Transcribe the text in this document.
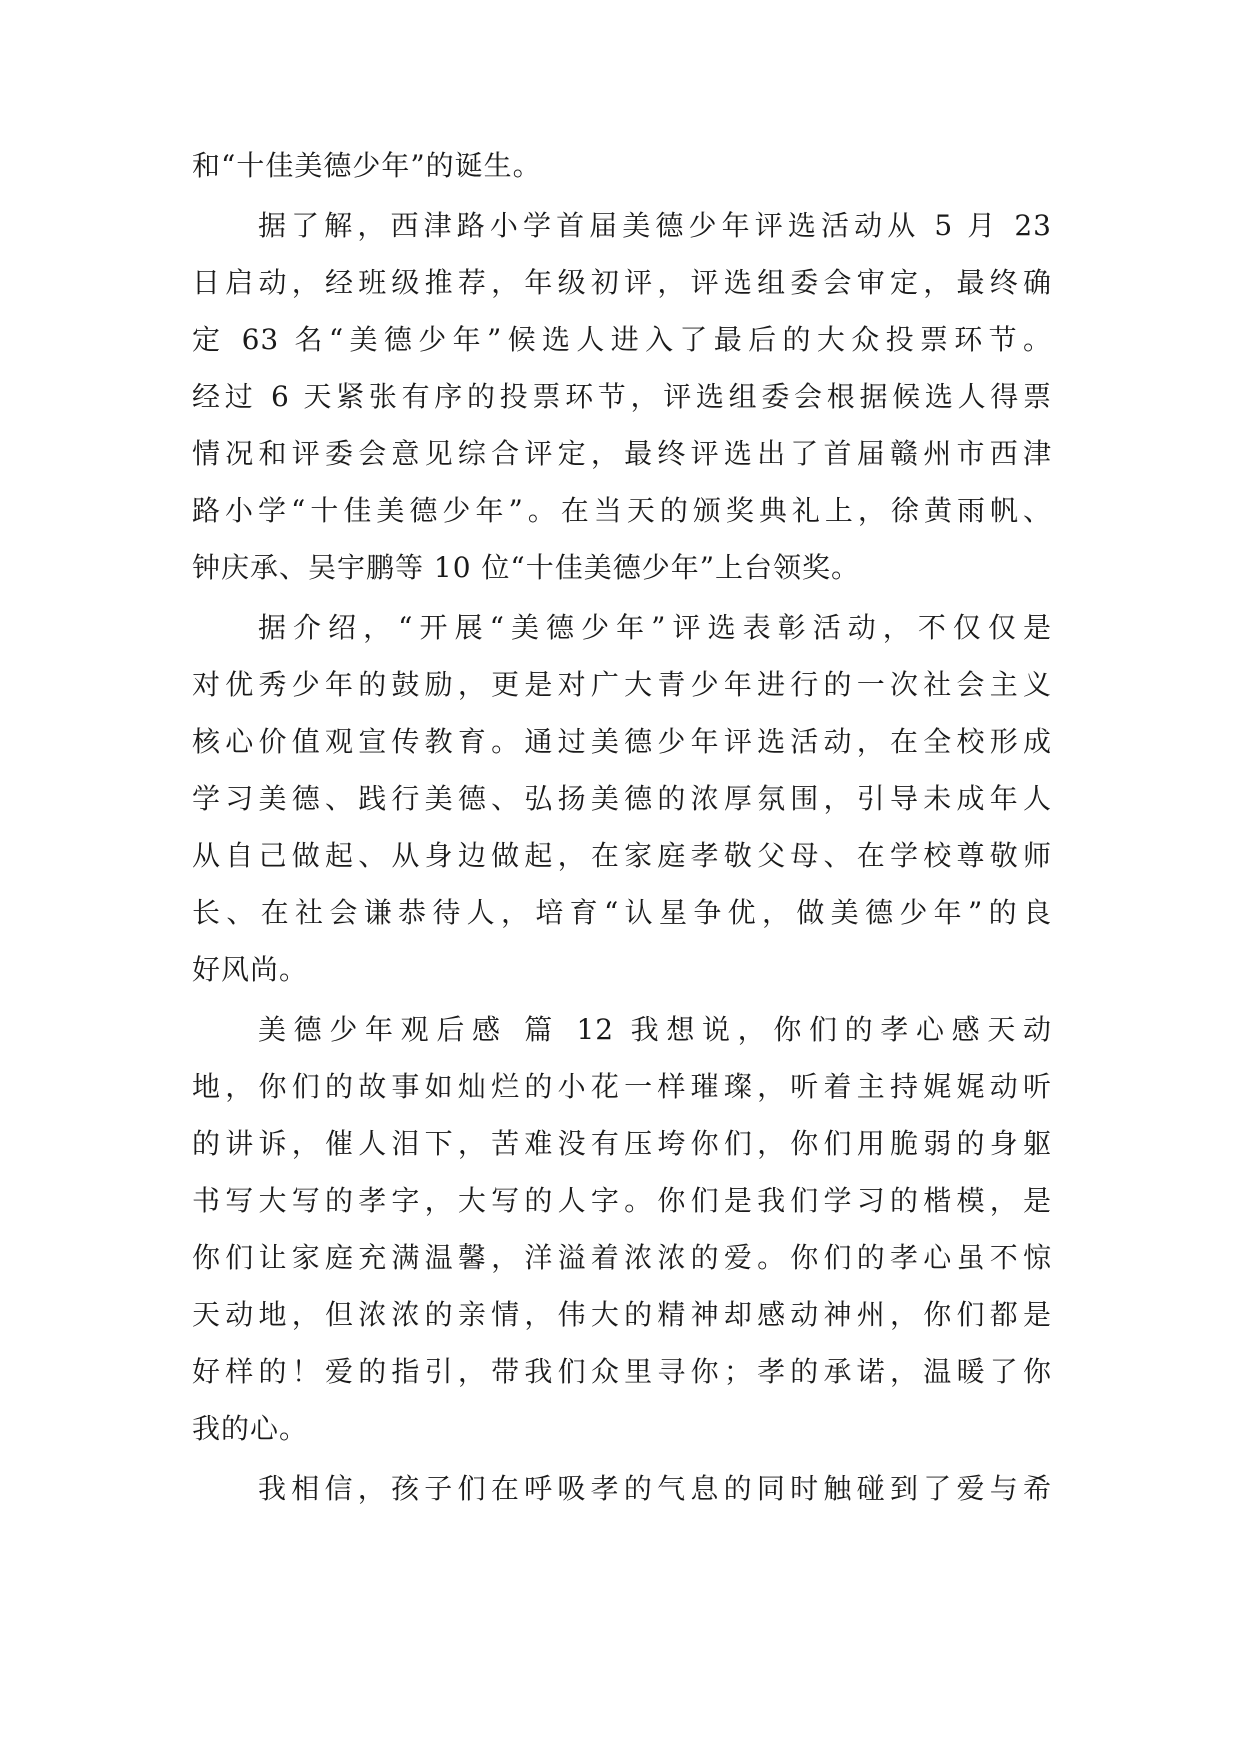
和“十佳美德少年”的诞生。
据了解，西津路小学首届美德少年评选活动从 5 月 23
日启动，经班级推荐，年级初评，评选组委会审定，最终确
定 63 名“美德少年”候选人进入了最后的大众投票环节。
经过 6 天紧张有序的投票环节，评选组委会根据候选人得票
情况和评委会意见综合评定，最终评选出了首届赣州市西津
路小学“十佳美德少年”。在当天的颁奖典礼上，徐黄雨帆、
钟庆承、吴宇鹏等 10 位“十佳美德少年”上台领奖。
据介绍，“开展“美德少年”评选表彰活动，不仅仅是
对优秀少年的鼓励，更是对广大青少年进行的一次社会主义
核心价值观宣传教育。通过美德少年评选活动，在全校形成
学习美德、践行美德、弘扬美德的浓厚氛围，引导未成年人
从自己做起、从身边做起，在家庭孝敬父母、在学校尊敬师
长、在社会谦恭待人，培育“认星争优，做美德少年”的良
好风尚。
美德少年观后感 篇 12 我想说，你们的孝心感天动
地，你们的故事如灿烂的小花一样璀璨，听着主持娓娓动听
的讲诉，催人泪下，苦难没有压垮你们，你们用脆弱的身躯
书写大写的孝字，大写的人字。你们是我们学习的楷模，是
你们让家庭充满温馨，洋溢着浓浓的爱。你们的孝心虽不惊
天动地，但浓浓的亲情，伟大的精神却感动神州，你们都是
好样的！爱的指引，带我们众里寻你；孝的承诺，温暖了你
我的心。
我相信，孩子们在呼吸孝的气息的同时触碰到了爱与希
